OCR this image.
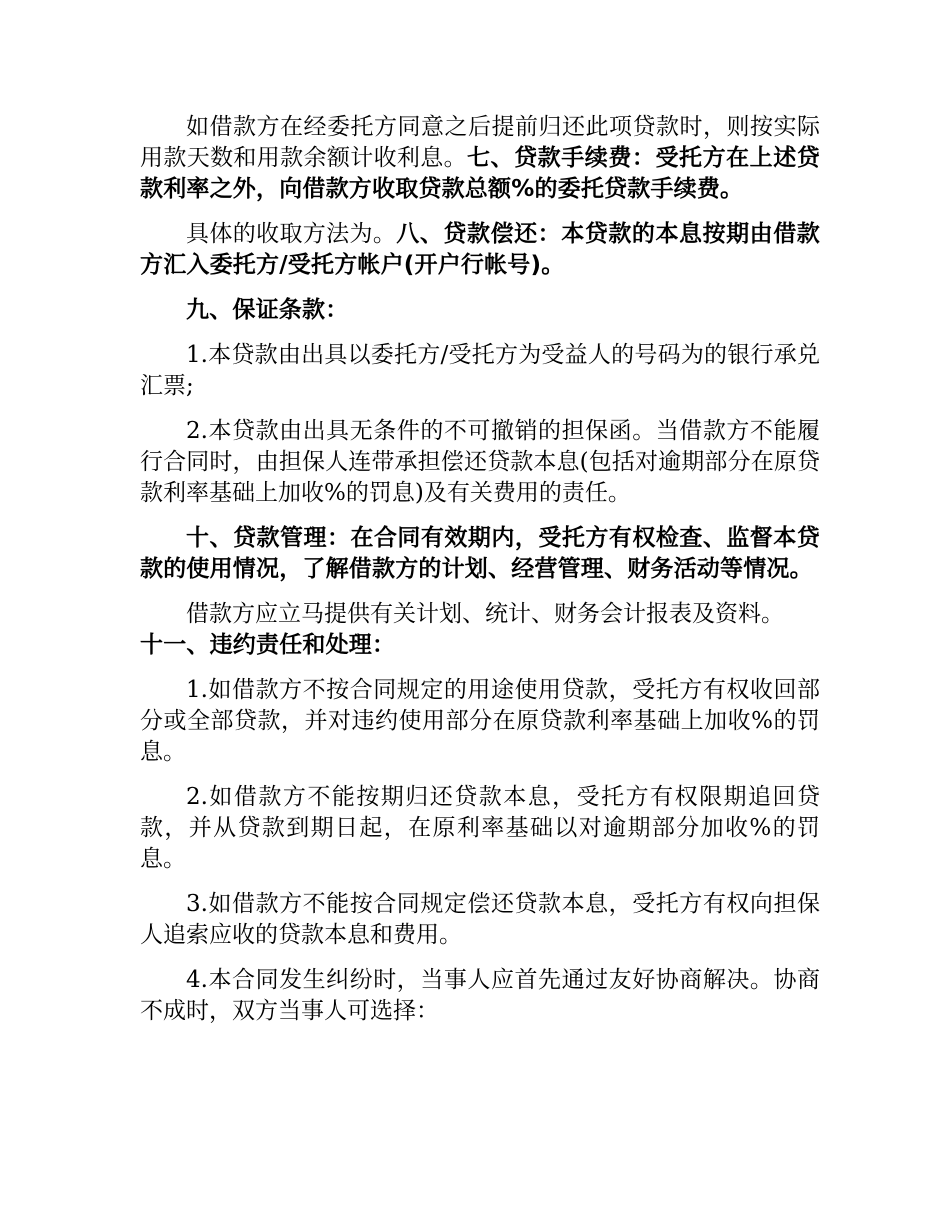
如借款方在经委托方同意之后提前归还此项贷款时，则按实际用款天数和用款余额计收利息。七、贷款手续费：受托方在上述贷款利率之外，向借款方收取贷款总额%的委托贷款手续费。

具体的收取方法为。八、贷款偿还：本贷款的本息按期由借款方汇入委托方/受托方帐户(开户行帐号)。

九、保证条款：

1.本贷款由出具以委托方/受托方为受益人的号码为的银行承兑汇票;

2.本贷款由出具无条件的不可撤销的担保函。当借款方不能履行合同时，由担保人连带承担偿还贷款本息(包括对逾期部分在原贷款利率基础上加收%的罚息)及有关费用的责任。

十、贷款管理：在合同有效期内，受托方有权检查、监督本贷款的使用情况，了解借款方的计划、经营管理、财务活动等情况。

借款方应立马提供有关计划、统计、财务会计报表及资料。

十一、违约责任和处理：

1.如借款方不按合同规定的用途使用贷款，受托方有权收回部分或全部贷款，并对违约使用部分在原贷款利率基础上加收%的罚息。

2.如借款方不能按期归还贷款本息，受托方有权限期追回贷款，并从贷款到期日起，在原利率基础以对逾期部分加收%的罚息。

3.如借款方不能按合同规定偿还贷款本息，受托方有权向担保人追索应收的贷款本息和费用。

4.本合同发生纠纷时，当事人应首先通过友好协商解决。协商不成时，双方当事人可选择：
